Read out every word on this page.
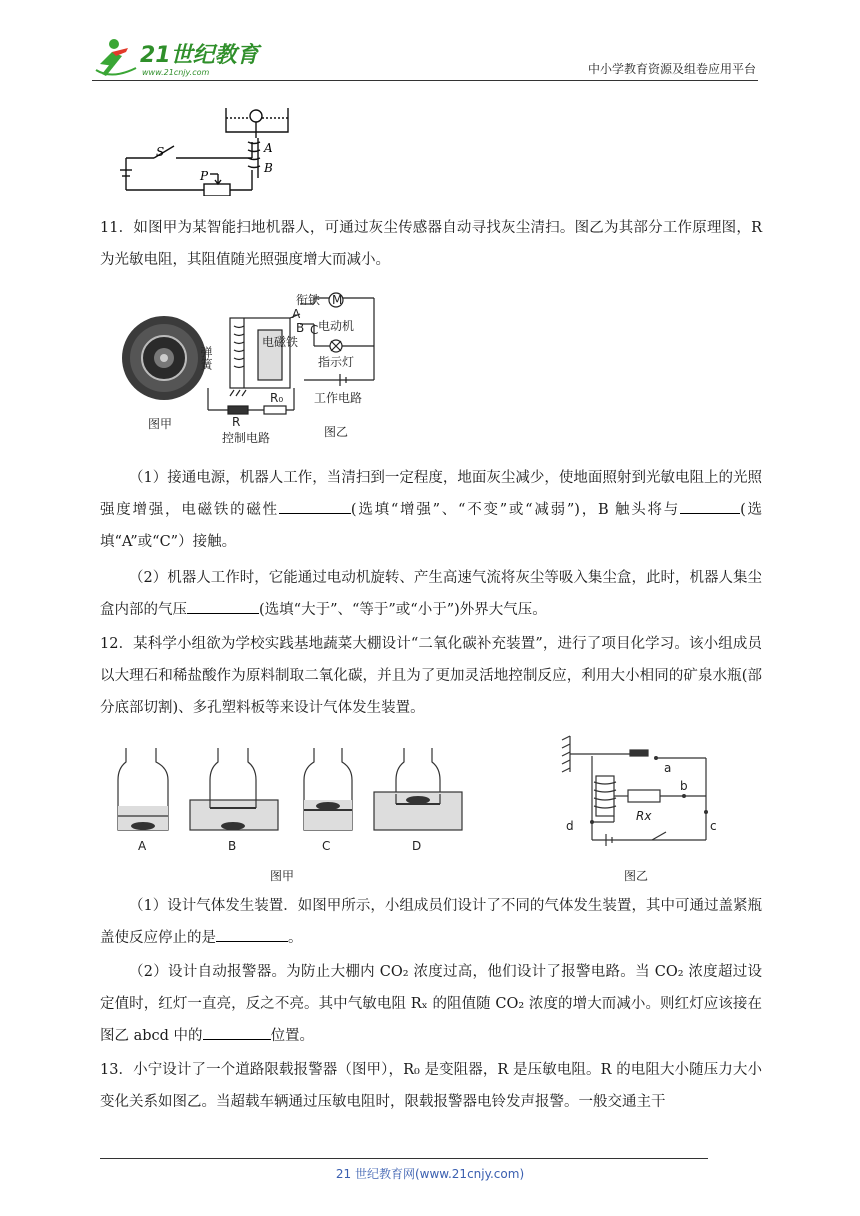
21世纪教育
www.21cnjy.com	中小学教育资源及组卷应用平台
S	A
B
P
11．如图甲为某智能扫地机器人，可通过灰尘传感器自动寻找灰尘清扫。图乙为其部分工作原理图，R 为光敏电阻，其阻值随光照强度增大而减小。
图甲
衔铁
A
B C
M
弹簧
电磁铁
电动机
指示灯
工作电路
R
R₀
控制电路	图乙
（1）接通电源，机器人工作，当清扫到一定程度，地面灰尘减少，使地面照射到光敏电阻上的光照强度增强，电磁铁的磁性	(选填“增强”、“不变”或“减弱”)，B 触头将与	(选填“A”或“C”）接触。
（2）机器人工作时，它能通过电动机旋转、产生高速气流将灰尘等吸入集尘盒，此时，机器人集尘盒内部的气压	(选填“大于”、“等于”或“小于”)外界大气压。
12．某科学小组欲为学校实践基地蔬菜大棚设计“二氧化碳补充装置”，进行了项目化学习。该小组成员以大理石和稀盐酸作为原料制取二氧化碳，并且为了更加灵活地控制反应，利用大小相同的矿泉水瓶(部分底部切割)、多孔塑料板等来设计气体发生装置。
A	B	C	D
图甲
a
b
c
d
Rx
图乙
（1）设计气体发生装置．如图甲所示，小组成员们设计了不同的气体发生装置，其中可通过盖紧瓶盖使反应停止的是	。
（2）设计自动报警器。为防止大棚内 CO₂ 浓度过高，他们设计了报警电路。当 CO₂ 浓度超过设定值时，红灯一直亮，反之不亮。其中气敏电阻 Rₓ 的阻值随 CO₂ 浓度的增大而减小。则红灯应该接在图乙 abcd 中的	位置。
13．小宁设计了一个道路限载报警器（图甲），R₀ 是变阻器，R 是压敏电阻。R 的电阻大小随压力大小变化关系如图乙。当超载车辆通过压敏电阻时，限载报警器电铃发声报警。一般交通主干
21 世纪教育网(www.21cnjy.com)
